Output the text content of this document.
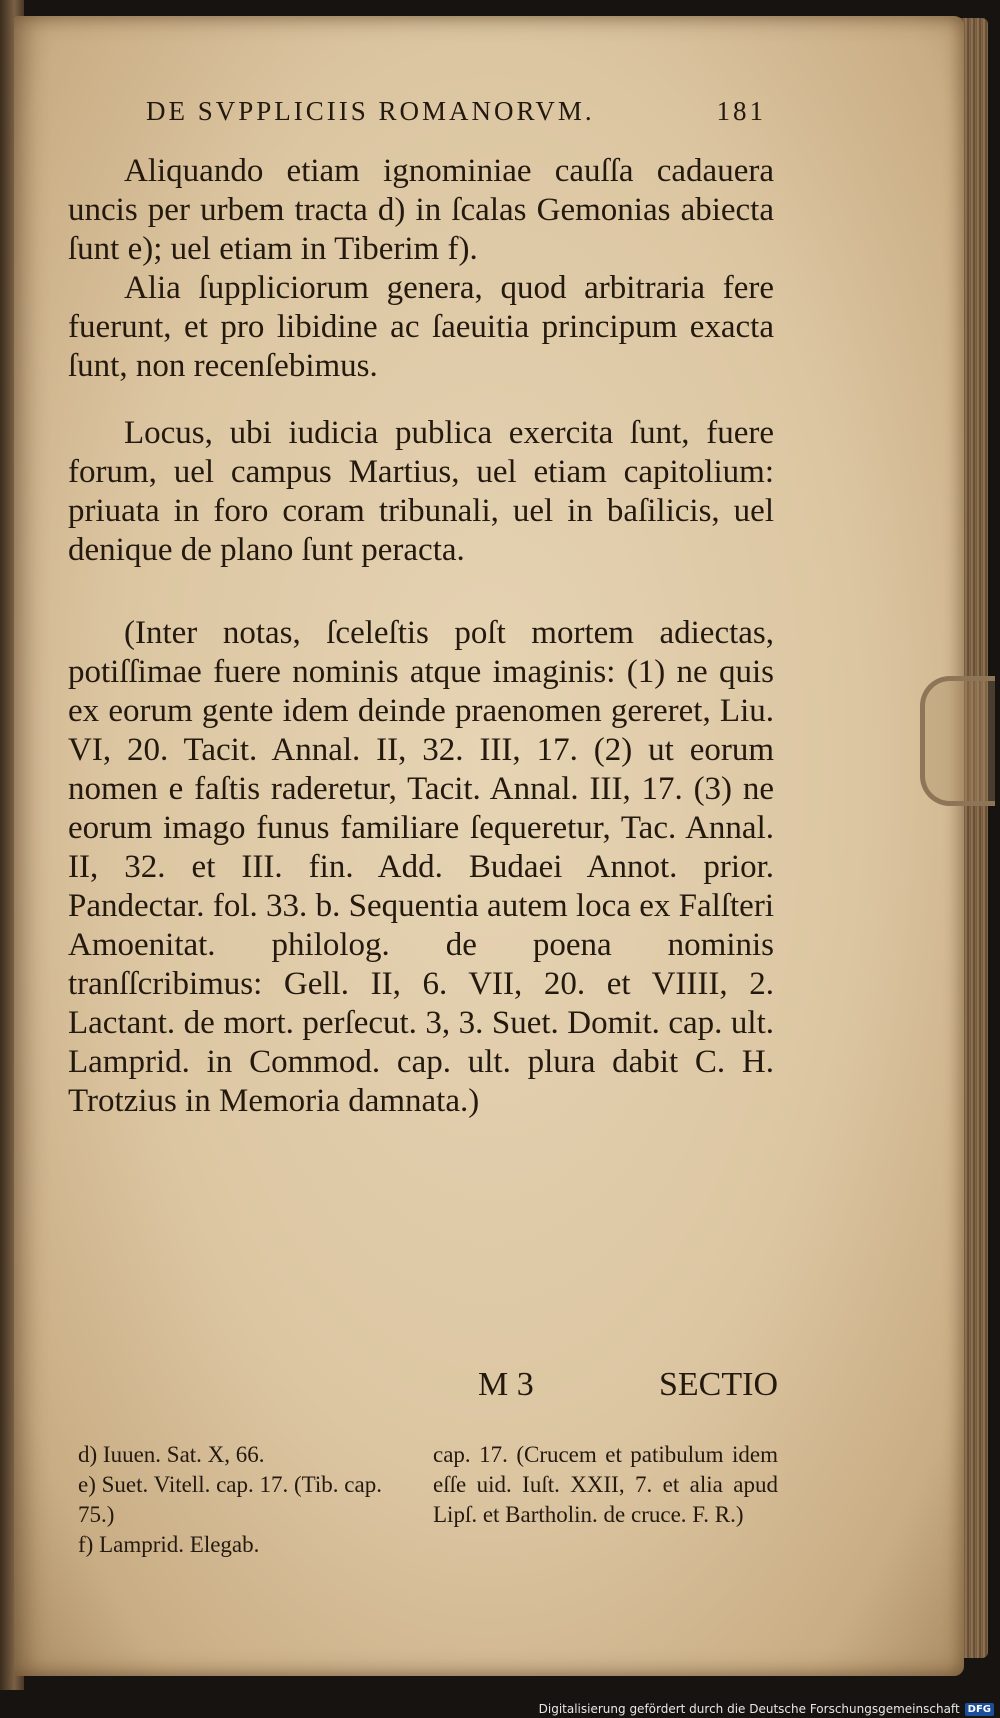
DE SVPPLICIIS ROMANORVM.	181

Aliquando etiam ignominiae cauſſa cadauera uncis per urbem tracta d) in ſcalas Gemonias abiecta ſunt e); uel etiam in Tiberim f).

Alia ſuppliciorum genera, quod arbitraria fere fuerunt, et pro libidine ac ſaeuitia principum exacta ſunt, non recenſebimus.

Locus, ubi iudicia publica exercita ſunt, fuere forum, uel campus Martius, uel etiam capitolium: priuata in foro coram tribunali, uel in baſilicis, uel denique de plano ſunt peracta.

(Inter notas, ſceleſtis poſt mortem adiectas, potiſſimae fuere nominis atque imaginis: (1) ne quis ex eorum gente idem deinde praenomen gereret, Liu. VI, 20. Tacit. Annal. II, 32. III, 17. (2) ut eorum nomen e faſtis raderetur, Tacit. Annal. III, 17. (3) ne eorum imago funus familiare ſequeretur, Tac. Annal. II, 32. et III. fin. Add. Budaei Annot. prior. Pandectar. fol. 33. b. Sequentia autem loca ex Falſteri Amoenitat. philolog. de poena nominis tranſſcribimus: Gell. II, 6. VII, 20. et VIIII, 2. Lactant. de mort. perſecut. 3, 3. Suet. Domit. cap. ult. Lamprid. in Commod. cap. ult. plura dabit C. H. Trotzius in Memoria damnata.)

M 3	SECTIO
d) Iuuen. Sat. X, 66.
e) Suet. Vitell. cap. 17. (Tib. cap. 75.)
f) Lamprid. Elegab.
cap. 17. (Crucem et patibulum idem eſſe uid. Iuſt. XXII, 7. et alia apud Lipſ. et Bartholin. de cruce. F. R.)
Digitalisierung gefördert durch die Deutsche Forschungsgemeinschaft DFG
